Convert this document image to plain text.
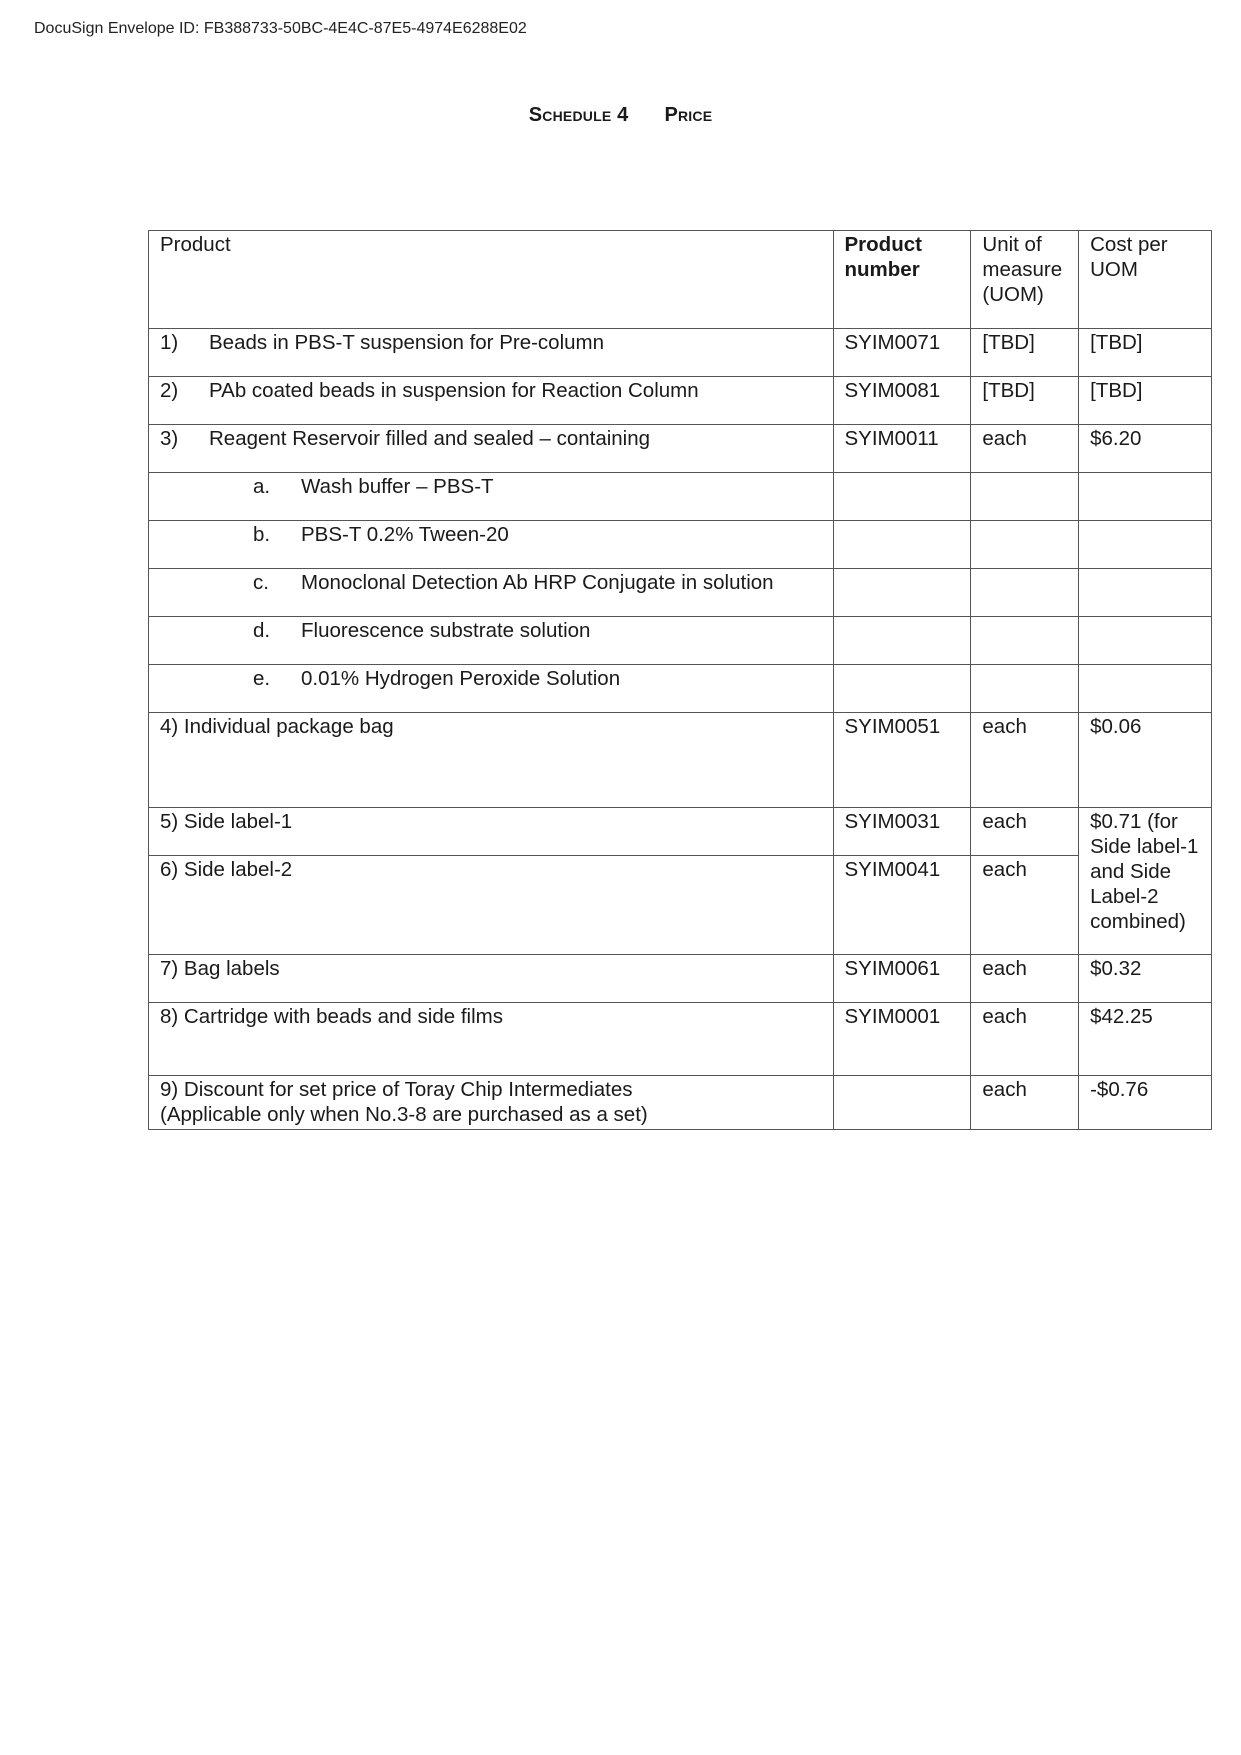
DocuSign Envelope ID: FB388733-50BC-4E4C-87E5-4974E6288E02
Schedule 4 Price
Product	Product number	Unit of measure (UOM)	Cost per UOM
1) Beads in PBS-T suspension for Pre-column	SYIM0071	[TBD]	[TBD]
2) PAb coated beads in suspension for Reaction Column	SYIM0081	[TBD]	[TBD]
3) Reagent Reservoir filled and sealed – containing	SYIM0011	each	$6.20
a. Wash buffer – PBS-T			
b. PBS-T 0.2% Tween-20			
c. Monoclonal Detection Ab HRP Conjugate in solution			
d. Fluorescence substrate solution			
e. 0.01% Hydrogen Peroxide Solution			
4) Individual package bag	SYIM0051	each	$0.06
5) Side label-1	SYIM0031	each	$0.71 (for Side label-1 and Side Label-2 combined)
6) Side label-2	SYIM0041	each	
7) Bag labels	SYIM0061	each	$0.32
8) Cartridge with beads and side films	SYIM0001	each	$42.25

9) Discount for set price of Toray Chip Intermediates
(Applicable only when No.3-8 are purchased as a set)		each	-$0.76
